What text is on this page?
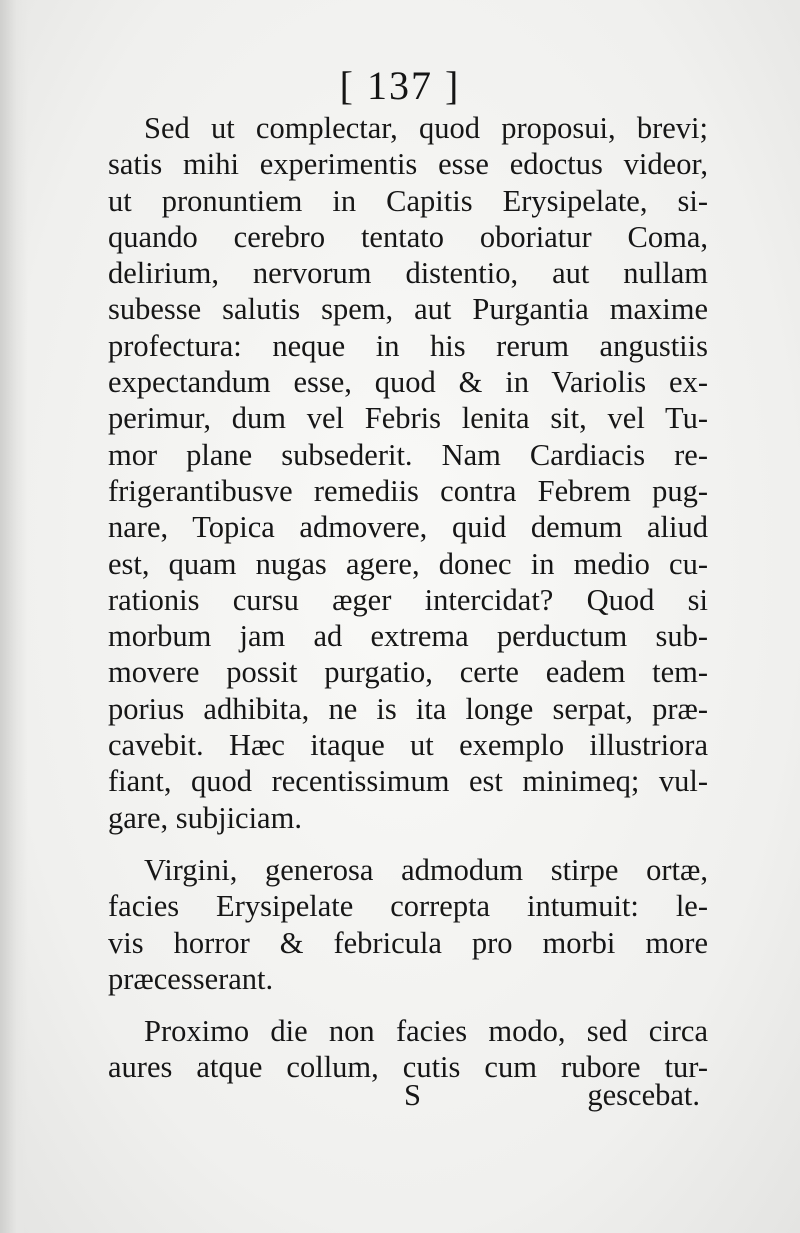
[ 137 ]
Sed ut complectar, quod proposui, brevi;
satis mihi experimentis esse edoctus videor,
ut pronuntiem in Capitis Erysipelate, si-
quando cerebro tentato oboriatur Coma,
delirium, nervorum distentio, aut nullam
subesse salutis spem, aut Purgantia maxime
profectura: neque in his rerum angustiis
expectandum esse, quod & in Variolis ex-
perimur, dum vel Febris lenita sit, vel Tu-
mor plane subsederit. Nam Cardiacis re-
frigerantibusve remediis contra Febrem pug-
nare, Topica admovere, quid demum aliud
est, quam nugas agere, donec in medio cu-
rationis cursu æger intercidat? Quod si
morbum jam ad extrema perductum sub-
movere possit purgatio, certe eadem tem-
porius adhibita, ne is ita longe serpat, præ-
cavebit. Hæc itaque ut exemplo illustriora
fiant, quod recentissimum est minimeq; vul-
gare, subjiciam.
Virgini, generosa admodum stirpe ortæ,
facies Erysipelate correpta intumuit: le-
vis horror & febricula pro morbi more
præcesserant.
Proximo die non facies modo, sed circa
aures atque collum, cutis cum rubore tur-
S	gescebat.
